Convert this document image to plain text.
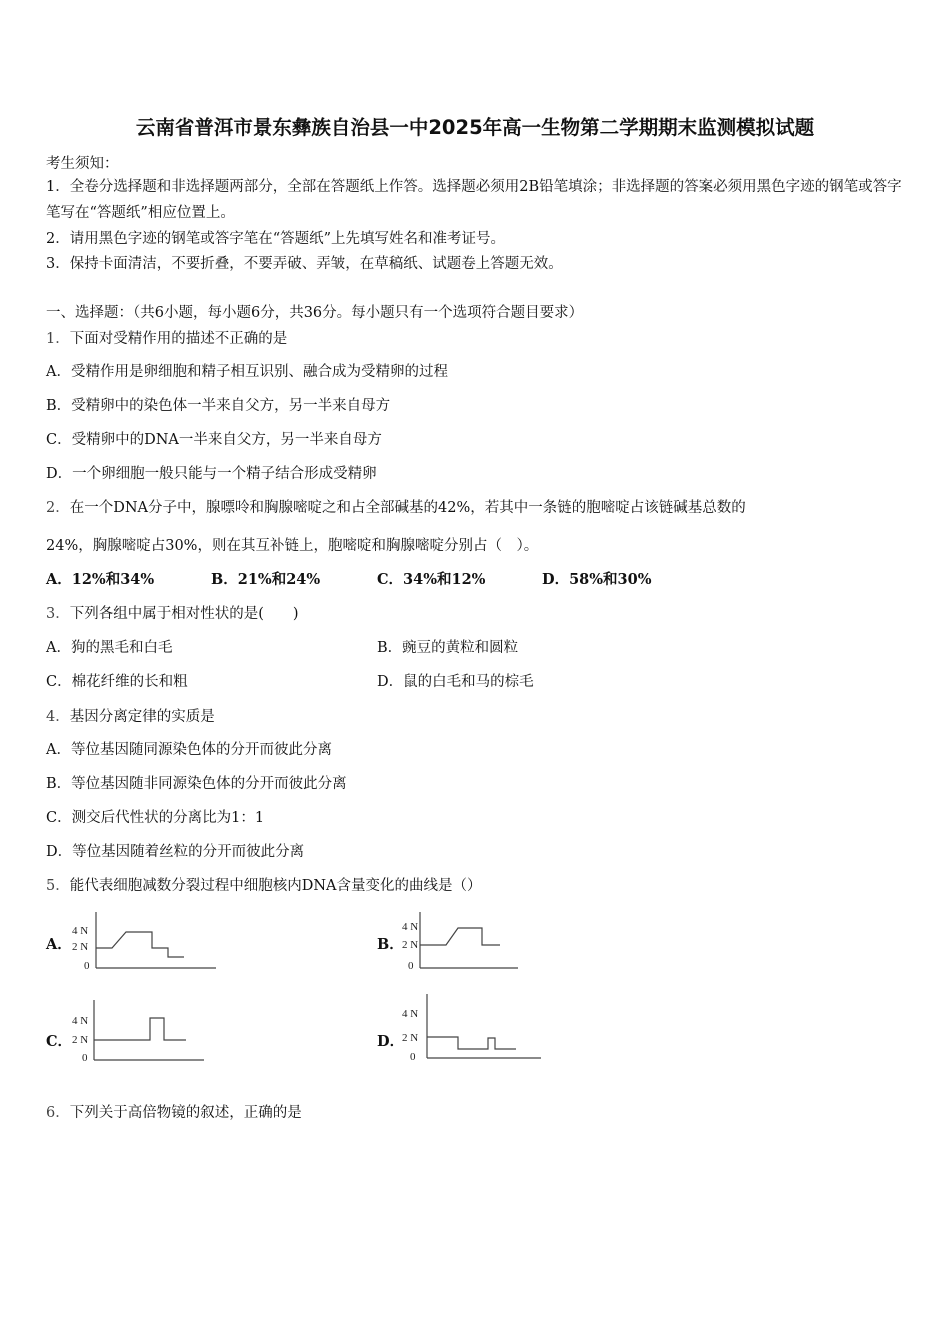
云南省普洱市景东彝族自治县一中2025年高一生物第二学期期末监测模拟试题
考生须知：
1．全卷分选择题和非选择题两部分，全部在答题纸上作答。选择题必须用2B铅笔填涂；非选择题的答案必须用黑色字迹的钢笔或答字笔写在“答题纸”相应位置上。
2．请用黑色字迹的钢笔或答字笔在“答题纸”上先填写姓名和准考证号。
3．保持卡面清洁，不要折叠，不要弄破、弄皱，在草稿纸、试题卷上答题无效。
一、选择题：（共6小题，每小题6分，共36分。每小题只有一个选项符合题目要求）
1．下面对受精作用的描述不正确的是
A．受精作用是卵细胞和精子相互识别、融合成为受精卵的过程
B．受精卵中的染色体一半来自父方，另一半来自母方
C．受精卵中的DNA一半来自父方，另一半来自母方
D．一个卵细胞一般只能与一个精子结合形成受精卵
2．在一个DNA分子中，腺嘌呤和胸腺嘧啶之和占全部碱基的42%，若其中一条链的胞嘧啶占该链碱基总数的
24%，胸腺嘧啶占30%，则在其互补链上，胞嘧啶和胸腺嘧啶分别占（　）。
A．12%和34%	B．21%和24%	C．34%和12%	D．58%和30%
3．下列各组中属于相对性状的是(　　)
A．狗的黑毛和白毛	B．豌豆的黄粒和圆粒
C．棉花纤维的长和粗	D．鼠的白毛和马的棕毛
4．基因分离定律的实质是
A．等位基因随同源染色体的分开而彼此分离
B．等位基因随非同源染色体的分开而彼此分离
C．测交后代性状的分离比为1：1
D．等位基因随着丝粒的分开而彼此分离
5．能代表细胞减数分裂过程中细胞核内DNA含量变化的曲线是（）
A．
4 N
2 N
0
B．
4 N
2 N
0
C．
4 N
2 N
0
D．
4 N
2 N
0
6．下列关于高倍物镜的叙述，正确的是
